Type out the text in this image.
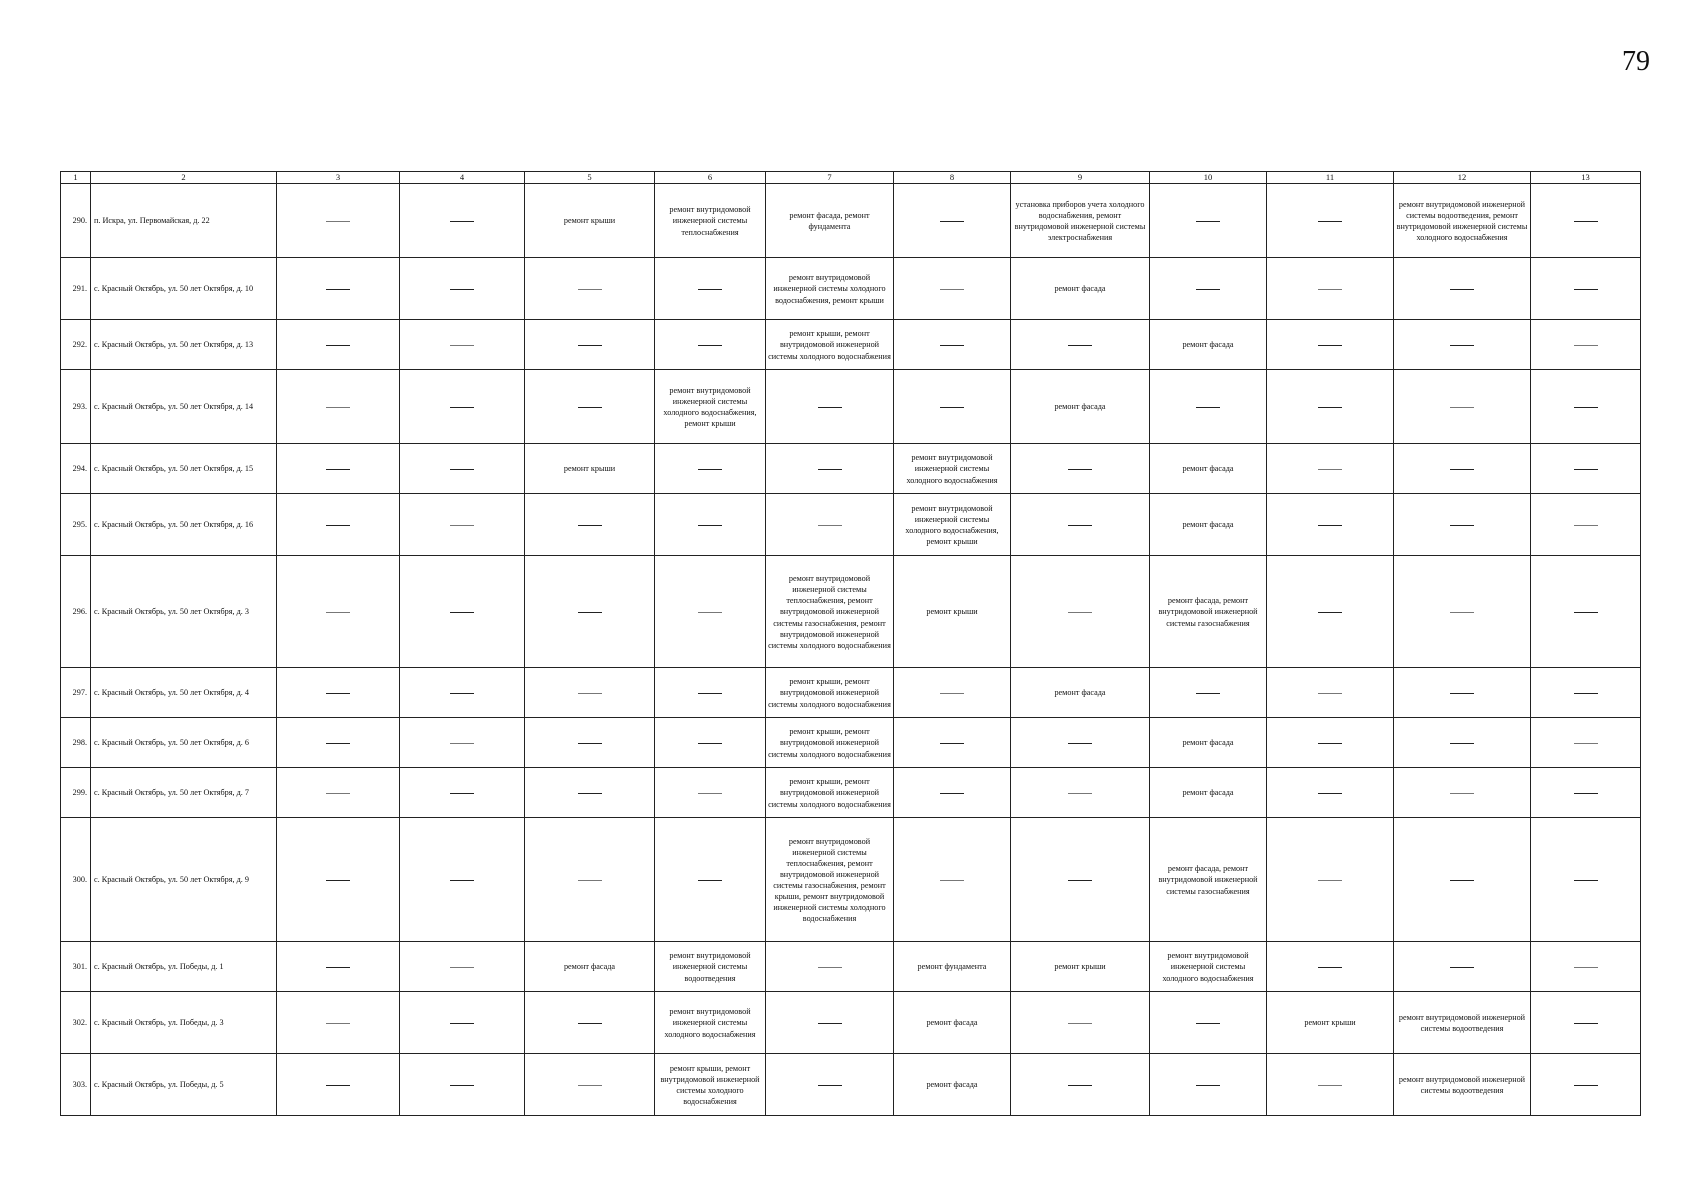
79
1	2	3	4	5	6	7	8	9	10	11	12	13
290.	п. Искра, ул. Первомайская, д. 22			ремонт крыши	ремонт внутридомовой инженерной системы теплоснабжения	ремонт фасада, ремонт фундамента		установка приборов учета холодного водоснабжения, ремонт внутридомовой инженерной системы электроснабжения			ремонт внутридомовой инженерной системы водоотведения, ремонт внутридомовой инженерной системы холодного водоснабжения	
291.	с. Красный Октябрь, ул. 50 лет Октября, д. 10					ремонт внутридомовой инженерной системы холодного водоснабжения, ремонт крыши		ремонт фасада				
292.	с. Красный Октябрь, ул. 50 лет Октября, д. 13					ремонт крыши, ремонт внутридомовой инженерной системы холодного водоснабжения			ремонт фасада			
293.	с. Красный Октябрь, ул. 50 лет Октября, д. 14				ремонт внутридомовой инженерной системы холодного водоснабжения, ремонт крыши			ремонт фасада				
294.	с. Красный Октябрь, ул. 50 лет Октября, д. 15			ремонт крыши			ремонт внутридомовой инженерной системы холодного водоснабжения		ремонт фасада			
295.	с. Красный Октябрь, ул. 50 лет Октября, д. 16						ремонт внутридомовой инженерной системы холодного водоснабжения, ремонт крыши		ремонт фасада			
296.	с. Красный Октябрь, ул. 50 лет Октября, д. 3					ремонт внутридомовой инженерной системы теплоснабжения, ремонт внутридомовой инженерной системы газоснабжения, ремонт внутридомовой инженерной системы холодного водоснабжения	ремонт крыши		ремонт фасада, ремонт внутридомовой инженерной системы газоснабжения			
297.	с. Красный Октябрь, ул. 50 лет Октября, д. 4					ремонт крыши, ремонт внутридомовой инженерной системы холодного водоснабжения		ремонт фасада				
298.	с. Красный Октябрь, ул. 50 лет Октября, д. 6					ремонт крыши, ремонт внутридомовой инженерной системы холодного водоснабжения			ремонт фасада			
299.	с. Красный Октябрь, ул. 50 лет Октября, д. 7					ремонт крыши, ремонт внутридомовой инженерной системы холодного водоснабжения			ремонт фасада			
300.	с. Красный Октябрь, ул. 50 лет Октября, д. 9					ремонт внутридомовой инженерной системы теплоснабжения, ремонт внутридомовой инженерной системы газоснабжения, ремонт крыши, ремонт внутридомовой инженерной системы холодного водоснабжения			ремонт фасада, ремонт внутридомовой инженерной системы газоснабжения			
301.	с. Красный Октябрь, ул. Победы, д. 1			ремонт фасада	ремонт внутридомовой инженерной системы водоотведения		ремонт фундамента	ремонт крыши	ремонт внутридомовой инженерной системы холодного водоснабжения			
302.	с. Красный Октябрь, ул. Победы, д. 3				ремонт внутридомовой инженерной системы холодного водоснабжения		ремонт фасада			ремонт крыши	ремонт внутридомовой инженерной системы водоотведения	
303.	с. Красный Октябрь, ул. Победы, д. 5				ремонт крыши, ремонт внутридомовой инженерной системы холодного водоснабжения		ремонт фасада				ремонт внутридомовой инженерной системы водоотведения	
